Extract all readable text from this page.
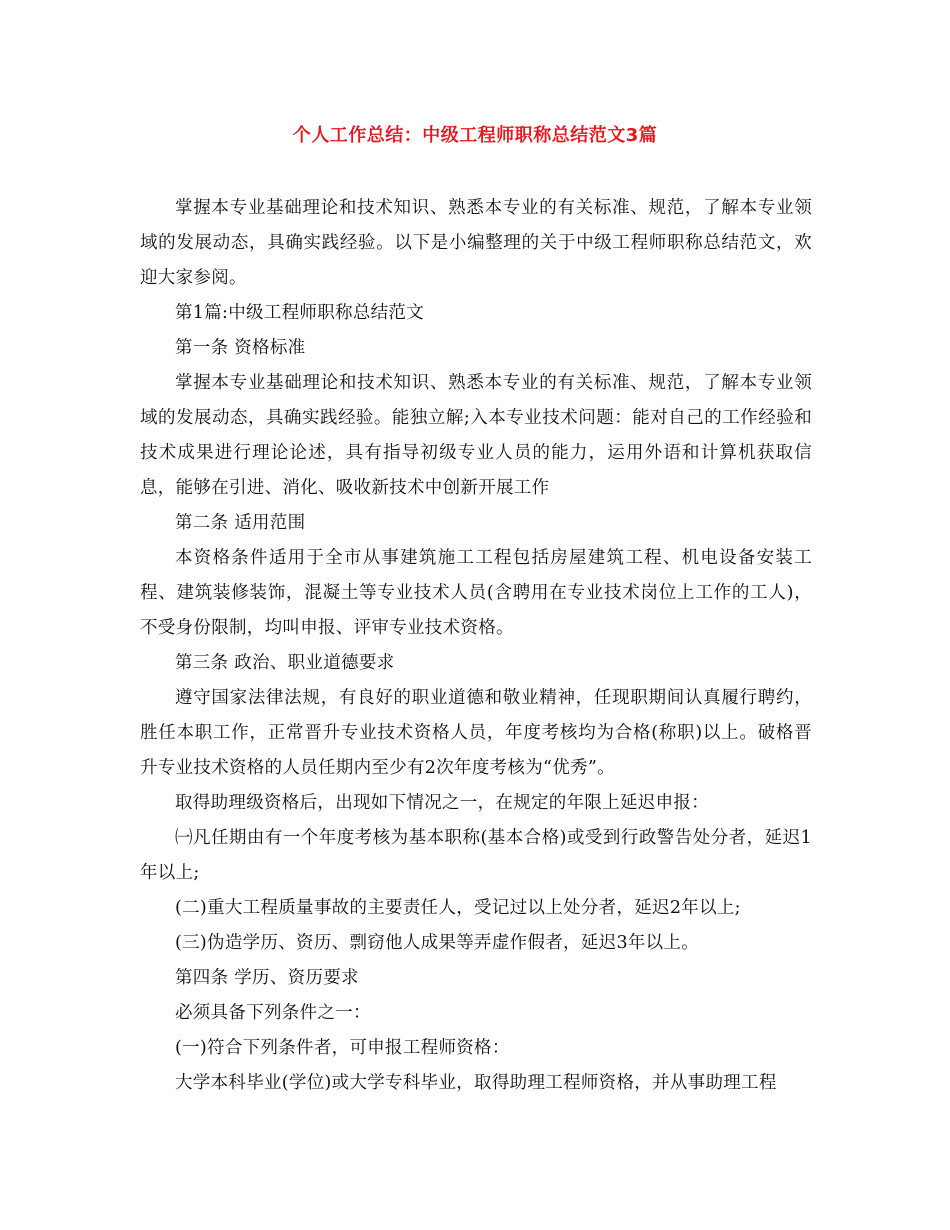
个人工作总结：中级工程师职称总结范文3篇

掌握本专业基础理论和技术知识、熟悉本专业的有关标准、规范，了解本专业领域的发展动态，具确实践经验。以下是小编整理的关于中级工程师职称总结范文，欢迎大家参阅。

第1篇:中级工程师职称总结范文

第一条 资格标准

掌握本专业基础理论和技术知识、熟悉本专业的有关标准、规范，了解本专业领域的发展动态，具确实践经验。能独立解;入本专业技术问题：能对自己的工作经验和技术成果进行理论论述，具有指导初级专业人员的能力，运用外语和计算机获取信息，能够在引进、消化、吸收新技术中创新开展工作

第二条 适用范围

本资格条件适用于全市从事建筑施工工程包括房屋建筑工程、机电设备安装工程、建筑装修装饰，混凝土等专业技术人员(含聘用在专业技术岗位上工作的工人)，不受身份限制，均叫申报、评审专业技术资格。

第三条 政治、职业道德要求

遵守国家法律法规，有良好的职业道德和敬业精神，任现职期间认真履行聘约，胜任本职工作，正常晋升专业技术资格人员，年度考核均为合格(称职)以上。破格晋升专业技术资格的人员任期内至少有2次年度考核为“优秀”。

取得助理级资格后，出现如下情况之一，在规定的年限上延迟申报：

㈠凡任期由有一个年度考核为基本职称(基本合格)或受到行政警告处分者，延迟1年以上;

(二)重大工程质量事故的主要责任人，受记过以上处分者，延迟2年以上;

(三)伪造学历、资历、剽窃他人成果等弄虚作假者，延迟3年以上。

第四条 学历、资历要求

必须具备下列条件之一：

(一)符合下列条件者，可申报工程师资格：

大学本科毕业(学位)或大学专科毕业，取得助理工程师资格，并从事助理工程
